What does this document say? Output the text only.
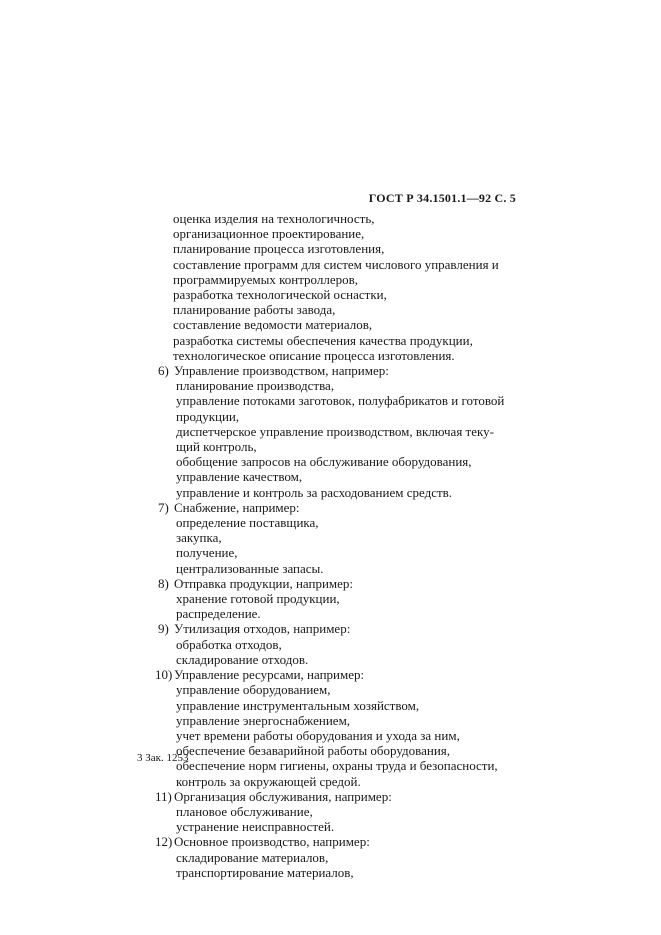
ГОСТ Р 34.1501.1—92 С. 5
оценка изделия на технологичность,
организационное проектирование,
планирование процесса изготовления,
составление программ для систем числового управления и
программируемых контроллеров,
разработка технологической оснастки,
планирование работы завода,
составление ведомости материалов,
разработка системы обеспечения качества продукции,
технологическое описание процесса изготовления.
6) Управление производством, например:
планирование производства,
управление потоками заготовок, полуфабрикатов и готовой
продукции,
диспетчерское управление производством, включая теку-
щий контроль,
обобщение запросов на обслуживание оборудования,
управление качеством,
управление и контроль за расходованием средств.
7) Снабжение, например:
определение поставщика,
закупка,
получение,
централизованные запасы.
8) Отправка продукции, например:
хранение готовой продукции,
распределение.
9) Утилизация отходов, например:
обработка отходов,
складирование отходов.
10) Управление ресурсами, например:
управление оборудованием,
управление инструментальным хозяйством,
управление энергоснабжением,
учет времени работы оборудования и ухода за ним,
обеспечение безаварийной работы оборудования,
обеспечение норм гигиены, охраны труда и безопасности,
контроль за окружающей средой.
11) Организация обслуживания, например:
плановое обслуживание,
устранение неисправностей.
12) Основное производство, например:
складирование материалов,
транспортирование материалов,
3 Зак. 1253
